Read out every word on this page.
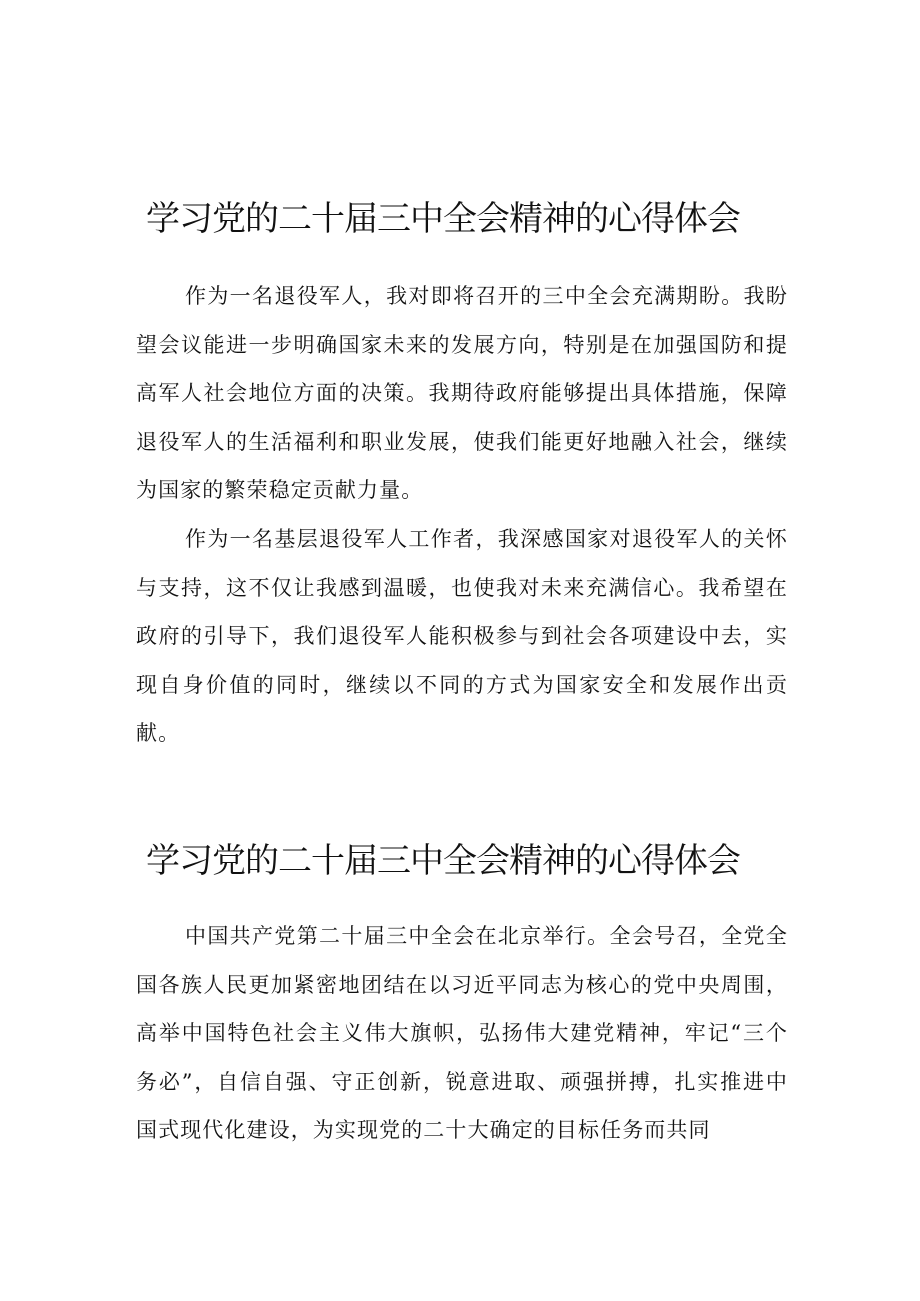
学习党的二十届三中全会精神的心得体会

作为一名退役军人，我对即将召开的三中全会充满期盼。我盼望会议能进一步明确国家未来的发展方向，特别是在加强国防和提高军人社会地位方面的决策。我期待政府能够提出具体措施，保障退役军人的生活福利和职业发展，使我们能更好地融入社会，继续为国家的繁荣稳定贡献力量。

作为一名基层退役军人工作者，我深感国家对退役军人的关怀与支持，这不仅让我感到温暖，也使我对未来充满信心。我希望在政府的引导下，我们退役军人能积极参与到社会各项建设中去，实现自身价值的同时，继续以不同的方式为国家安全和发展作出贡献。

学习党的二十届三中全会精神的心得体会

中国共产党第二十届三中全会在北京举行。全会号召，全党全国各族人民更加紧密地团结在以习近平同志为核心的党中央周围，高举中国特色社会主义伟大旗帜，弘扬伟大建党精神，牢记“三个务必”，自信自强、守正创新，锐意进取、顽强拼搏，扎实推进中国式现代化建设，为实现党的二十大确定的目标任务而共同
